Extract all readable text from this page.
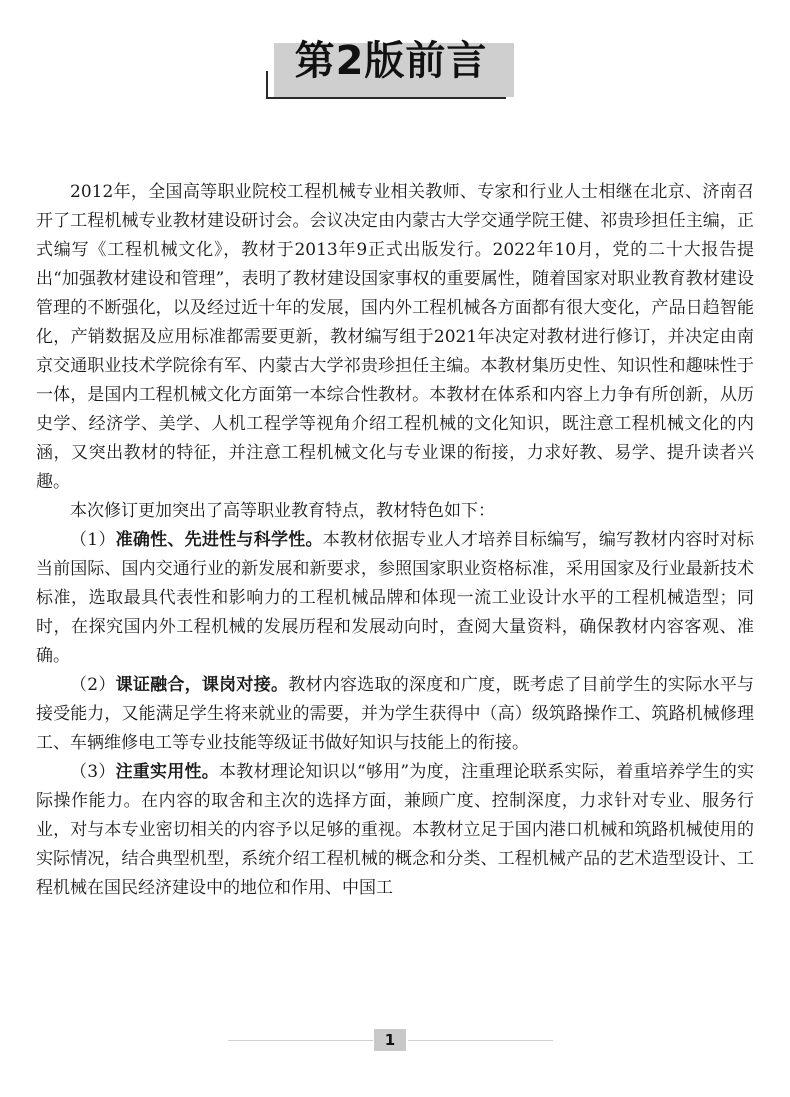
第2版前言

2012年，全国高等职业院校工程机械专业相关教师、专家和行业人士相继在北京、济南召开了工程机械专业教材建设研讨会。会议决定由内蒙古大学交通学院王健、祁贵珍担任主编，正式编写《工程机械文化》，教材于2013年9正式出版发行。2022年10月，党的二十大报告提出“加强教材建设和管理”，表明了教材建设国家事权的重要属性，随着国家对职业教育教材建设管理的不断强化，以及经过近十年的发展，国内外工程机械各方面都有很大变化，产品日趋智能化，产销数据及应用标准都需要更新，教材编写组于2021年决定对教材进行修订，并决定由南京交通职业技术学院徐有军、内蒙古大学祁贵珍担任主编。本教材集历史性、知识性和趣味性于一体，是国内工程机械文化方面第一本综合性教材。本教材在体系和内容上力争有所创新，从历史学、经济学、美学、人机工程学等视角介绍工程机械的文化知识，既注意工程机械文化的内涵，又突出教材的特征，并注意工程机械文化与专业课的衔接，力求好教、易学、提升读者兴趣。

本次修订更加突出了高等职业教育特点，教材特色如下：

（1）准确性、先进性与科学性。本教材依据专业人才培养目标编写，编写教材内容时对标当前国际、国内交通行业的新发展和新要求，参照国家职业资格标准，采用国家及行业最新技术标准，选取最具代表性和影响力的工程机械品牌和体现一流工业设计水平的工程机械造型；同时，在探究国内外工程机械的发展历程和发展动向时，查阅大量资料，确保教材内容客观、准确。

（2）课证融合，课岗对接。教材内容选取的深度和广度，既考虑了目前学生的实际水平与接受能力，又能满足学生将来就业的需要，并为学生获得中（高）级筑路操作工、筑路机械修理工、车辆维修电工等专业技能等级证书做好知识与技能上的衔接。

（3）注重实用性。本教材理论知识以“够用”为度，注重理论联系实际，着重培养学生的实际操作能力。在内容的取舍和主次的选择方面，兼顾广度、控制深度，力求针对专业、服务行业，对与本专业密切相关的内容予以足够的重视。本教材立足于国内港口机械和筑路机械使用的实际情况，结合典型机型，系统介绍工程机械的概念和分类、工程机械产品的艺术造型设计、工程机械在国民经济建设中的地位和作用、中国工

1
